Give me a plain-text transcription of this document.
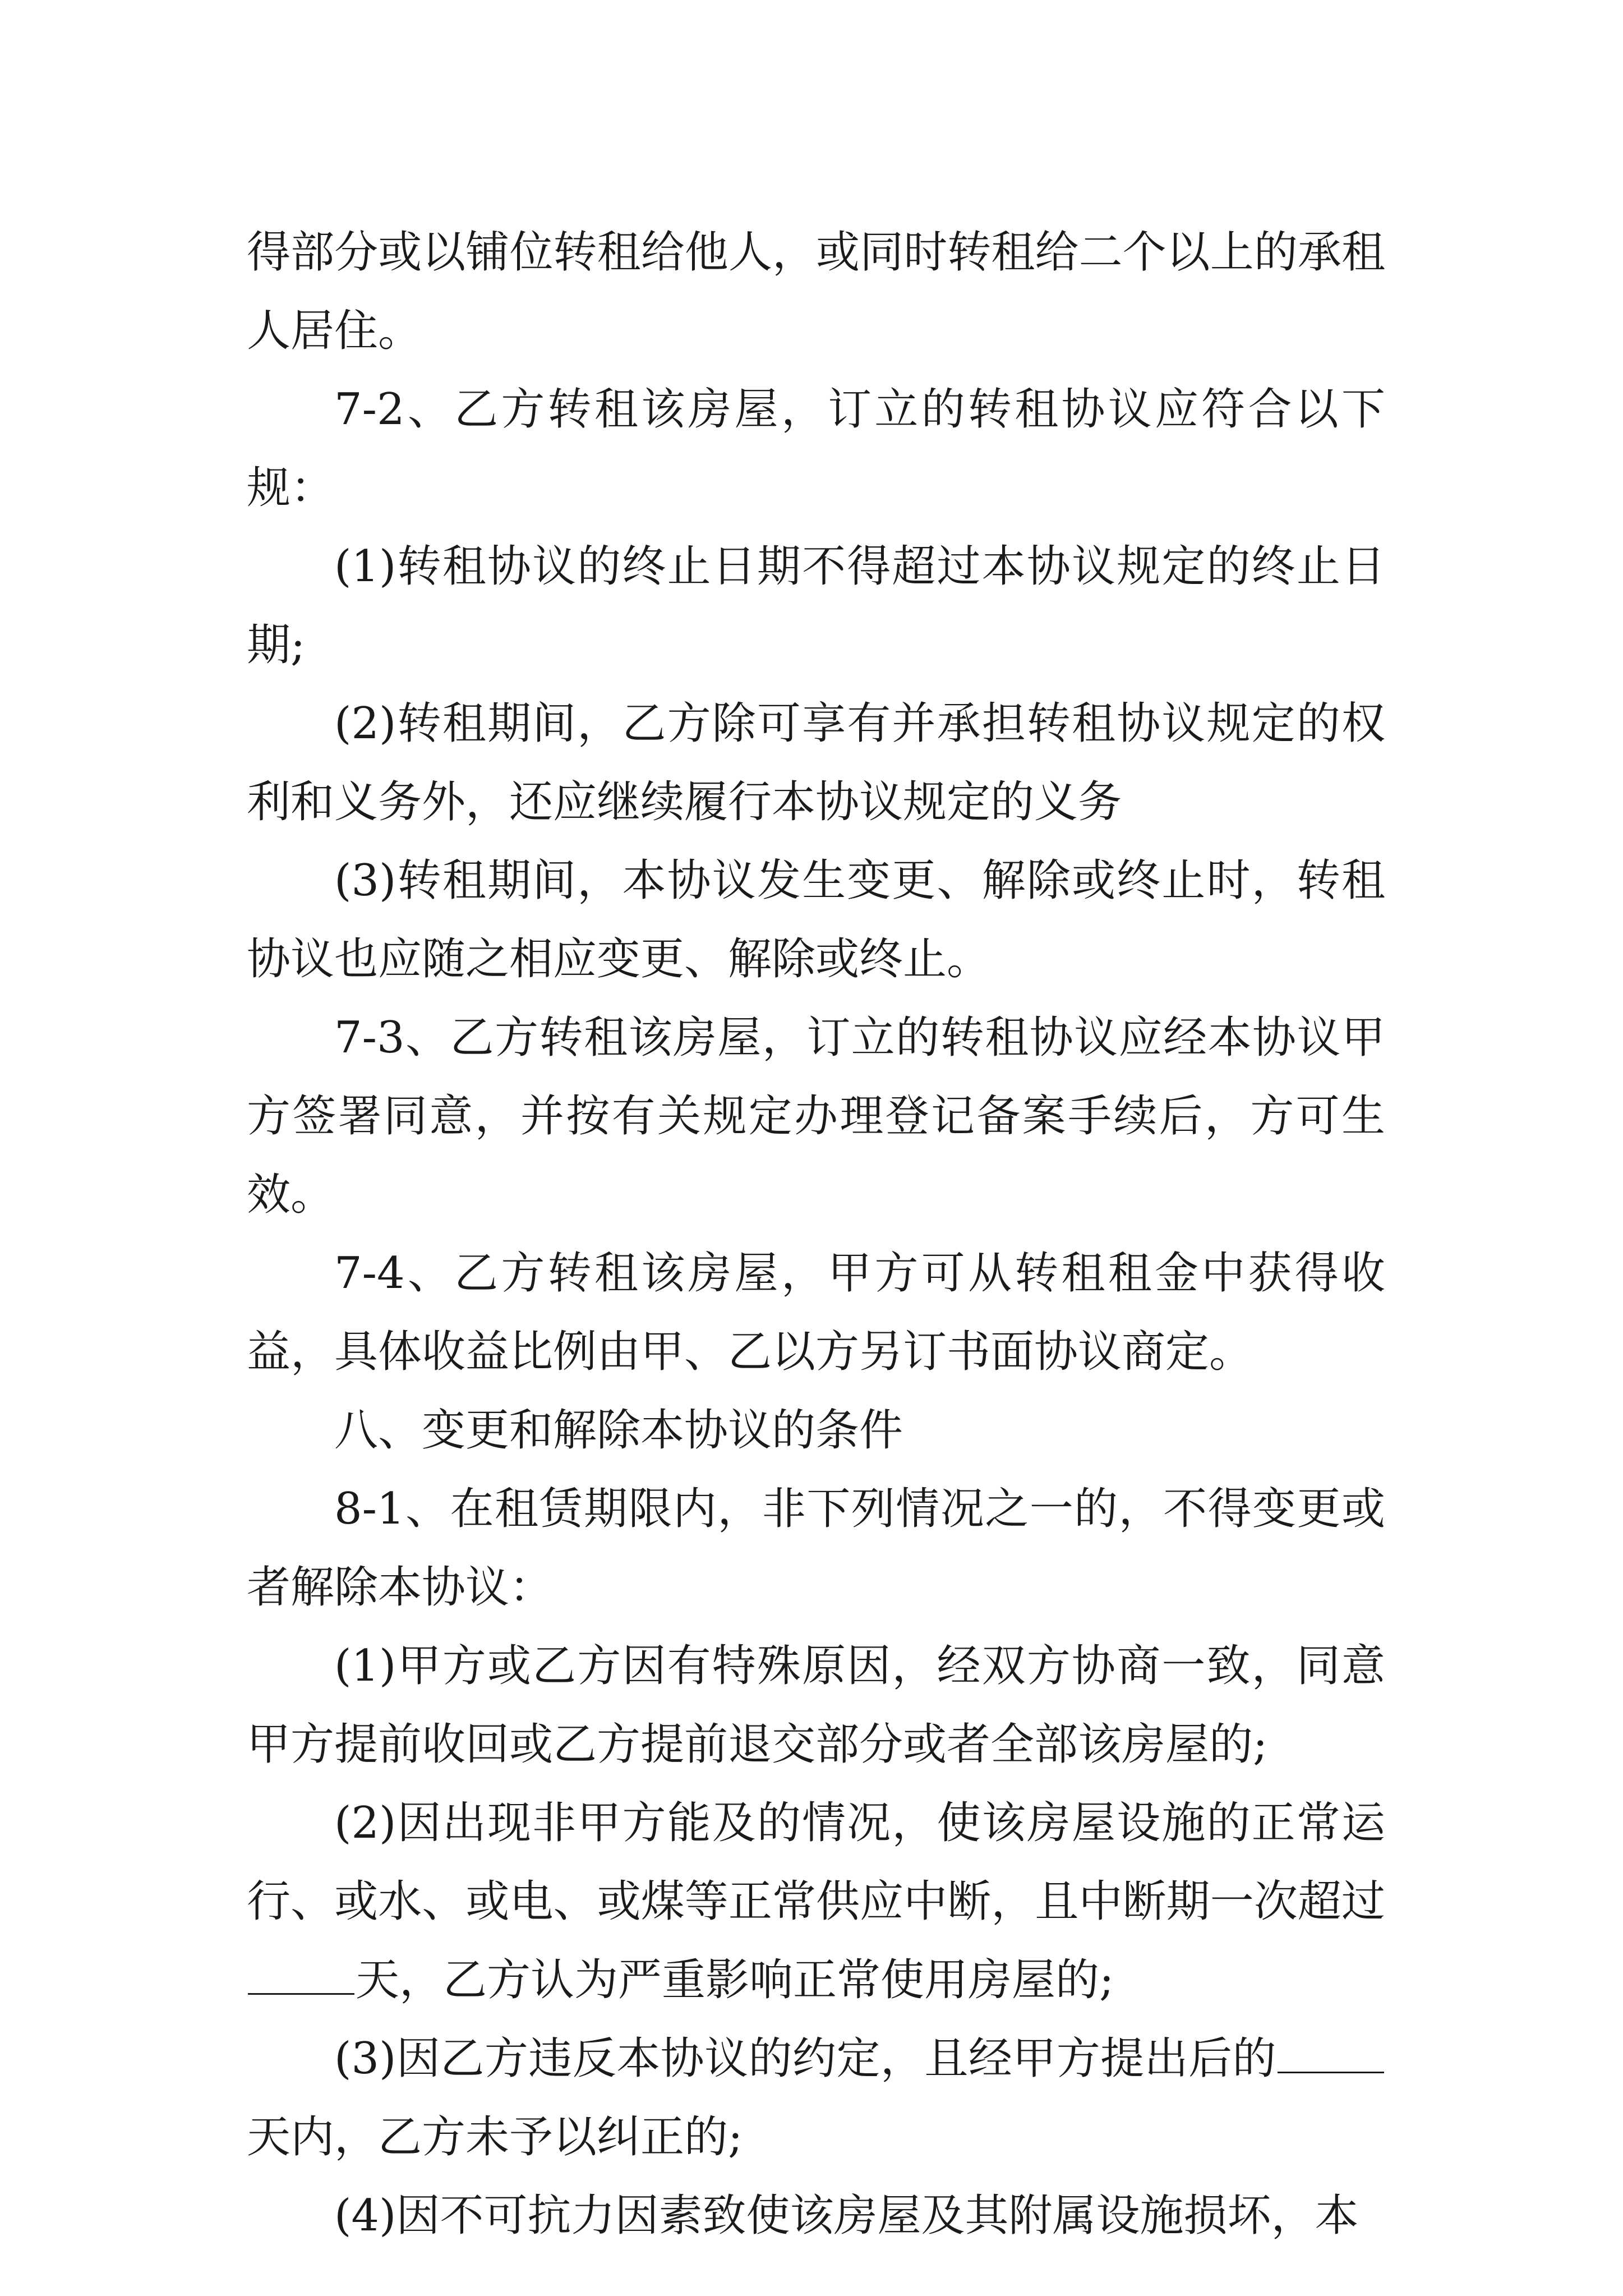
得部分或以铺位转租给他人，或同时转租给二个以上的承租人居住。

7-2、乙方转租该房屋，订立的转租协议应符合以下规：

(1)转租协议的终止日期不得超过本协议规定的终止日期;

(2)转租期间，乙方除可享有并承担转租协议规定的权利和义务外，还应继续履行本协议规定的义务

(3)转租期间，本协议发生变更、解除或终止时，转租协议也应随之相应变更、解除或终止。

7-3、乙方转租该房屋，订立的转租协议应经本协议甲方签署同意，并按有关规定办理登记备案手续后，方可生效。

7-4、乙方转租该房屋，甲方可从转租租金中获得收益，具体收益比例由甲、乙以方另订书面协议商定。

八、变更和解除本协议的条件

8-1、在租赁期限内，非下列情况之一的，不得变更或者解除本协议：

(1)甲方或乙方因有特殊原因，经双方协商一致，同意甲方提前收回或乙方提前退交部分或者全部该房屋的;

(2)因出现非甲方能及的情况，使该房屋设施的正常运行、或水、或电、或煤等正常供应中断，且中断期一次超过天，乙方认为严重影响正常使用房屋的;

(3)因乙方违反本协议的约定，且经甲方提出后的天内，乙方未予以纠正的;

(4)因不可抗力因素致使该房屋及其附属设施损坏，本
